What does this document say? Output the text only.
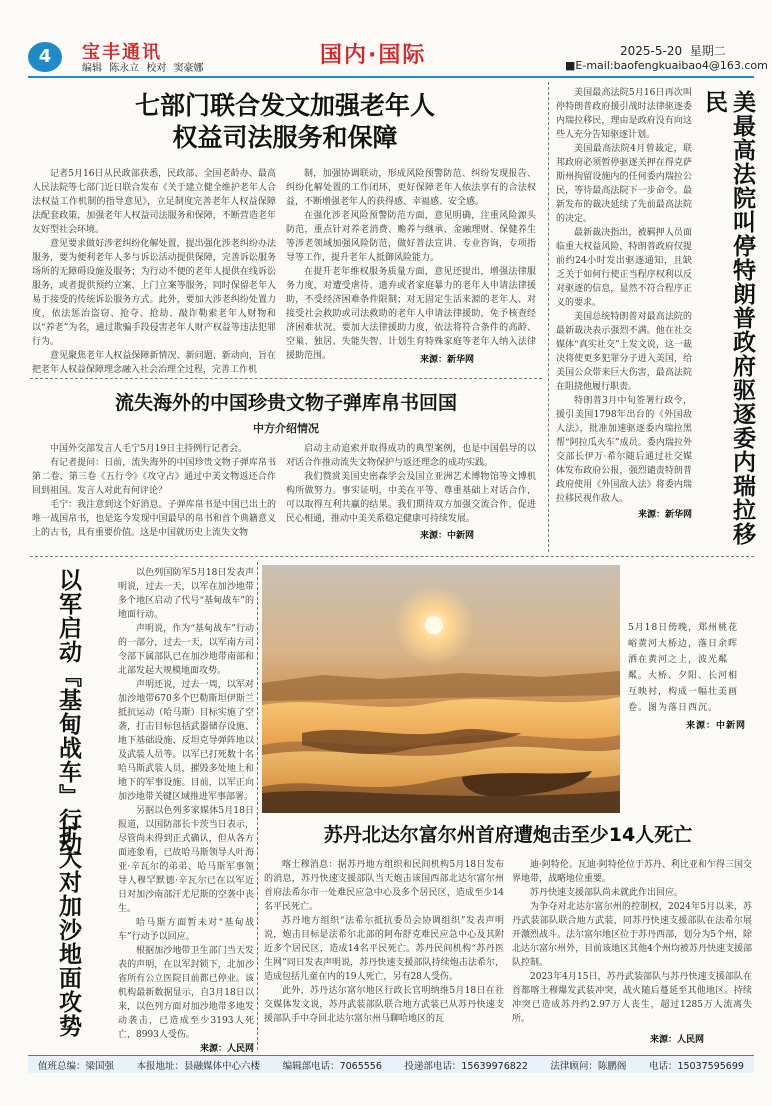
4	宝丰通讯
编辑 陈永立 校对 窦豪娜
国内·国际	2025-5-20 星期二
■E-mail:baofengkuaibao4@163.com
七部门联合发文加强老年人
权益司法服务和保障

记者5月16日从民政部获悉，民政部、全国老龄办、最高人民法院等七部门近日联合发布《关于建立健全维护老年人合法权益工作机制的指导意见》，立足制度完善老年人权益保障法配套政策，加强老年人权益司法服务和保障，不断营造老年友好型社会环境。

意见要求做好涉老纠纷化解处置，提出强化涉老纠纷办法服务，要为便利老年人多与诉讼活动提供保障，完善诉讼服务场所的无障碍设施及服务；为行动不便的老年人提供在线诉讼服务，或者提供预约立案、上门立案等服务，同时保留老年人易于接受的传统诉讼服务方式。此外，要加大涉老纠纷处置力度，依法惩治盗窃、抢夺、抢劫、敲诈勒索老年人财物和以“养老”为名，通过欺骗手段侵害老年人财产权益等违法犯罪行为。

意见聚焦老年人权益保障新情况、新问题、新动向，旨在把老年人权益保障理念融入社会治理全过程，完善工作机

制，加强协调联动，形成风险预警防范、纠纷发现报告、纠纷化解处置的工作闭环，更好保障老年人依法享有的合法权益，不断增强老年人的获得感、幸福感、安全感。

在强化涉老风险预警防范方面，意见明确，注重风险源头防范，重点针对养老消费、赡养与继承、金融理财、保健养生等涉老领域加强风险防范，做好普法宣讲、专业咨询，专项指导等工作，提升老年人抵御风险能力。

在提升老年维权服务质量方面，意见还提出，增强法律服务力度，对遭受虐待、遗弃或者家庭暴力的老年人申请法律援助，不受经济困难条件限制；对无固定生活来源的老年人、对接受社会救助或司法救助的老年人申请法律援助，免予核查经济困难状况。要加大法律援助力度，依法将符合条件的高龄、空巢、独居、失能失智、计划生育特殊家庭等老年人纳入法律援助范围。	来源：新华网

美国最高法院5月16日再次叫停特朗普政府援引战时法律驱逐委内瑞拉移民，理由是政府没有向这些人充分告知驱逐计划。

美国最高法院4月曾裁定，联邦政府必须暂停驱逐关押在得克萨斯州拘留设施内的任何委内瑞拉公民，等待最高法院下一步命令。最新发布的裁决延续了先前最高法院的决定。

最新裁决指出，被羁押人员面临重大权益风险，特朗普政府仅提前约24小时发出驱逐通知，且缺乏关于如何行使正当程序权利以反对驱逐的信息，显然不符合程序正义的要求。

美国总统特朗普对最高法院的最新裁决表示强烈不满。他在社交媒体“真实社交”上发文说，这一裁决将使更多犯罪分子进入美国，给美国公众带来巨大伤害，最高法院在阻挠他履行职责。

特朗普3月中旬签署行政令，援引美国1798年出台的《外国敌人法》，批准加速驱逐委内瑞拉黑帮“阿拉瓜火车”成员。委内瑞拉外交部长伊万·希尔随后通过社交媒体发布政府公报，强烈谴责特朗普政府使用《外国敌人法》将委内瑞拉移民视作敌人。

来源：新华网	美最高法院叫停特朗普政府驱逐委内瑞拉移民
流失海外的中国珍贵文物子弹库帛书回国
中方介绍情况

中国外交部发言人毛宁5月19日主持例行记者会。

有记者提问：日前，流失海外的中国珍贵文物子弹库帛书第二卷、第三卷《五行令》《攻守占》通过中美文物返还合作回到祖国。发言人对此有何评论？

毛宁：我注意到这个好消息。子弹库帛书是中国已出土的唯一战国帛书，也是迄今发现中国最早的帛书和首个典籍意义上的古书，具有重要价值。这是中国就历史上流失文物

启动主动追索并取得成功的典型案例，也是中国倡导的以对话合作推动流失文物保护与返还理念的成功实践。

我们赞赏美国史密森学会及国立亚洲艺术博物馆等文博机构所做努力。事实证明，中美在平等、尊重基础上对话合作，可以取得互利共赢的结果。我们期待双方加强交流合作，促进民心相通，推动中美关系稳定健康可持续发展。

来源：中新网
以军启动『基甸战车』行动
扩大对加沙地面攻势

以色列国防军5月18日发表声明说，过去一天，以军在加沙地带多个地区启动了代号“基甸战车”的地面行动。

声明说，作为“基甸战车”行动的一部分，过去一天，以军南方司令部下属部队已在加沙地带南部和北部发起大规模地面攻势。

声明还说，过去一周，以军对加沙地带670多个巴勒斯坦伊斯兰抵抗运动（哈马斯）目标实施了空袭，打击目标包括武器储存设施、地下基础设施、反坦克导弹阵地以及武装人员等。以军已打死数十名哈马斯武装人员，摧毁多处地上和地下的军事设施。目前，以军正向加沙地带关键区域推进军事部署。

另据以色列多家媒体5月18日报道，以国防部长卡茨当日表示，尽管尚未得到正式确认，但从各方面迹象看，已故哈马斯领导人叶海亚·辛瓦尔的弟弟、哈马斯军事领导人穆罕默德·辛瓦尔已在以军近日对加沙南部汗尤尼斯的空袭中丧生。

哈马斯方面暂未对“基甸战车”行动予以回应。

根据加沙地带卫生部门当天发表的声明，在以军封锁下，北加沙省所有公立医院目前都已停业。该机构最新数据显示，自3月18日以来，以色列方面对加沙地带多地发动袭击，已造成至少3193人死亡，8993人受伤。

来源：人民网

5月18日傍晚，郑州桃花峪黄河大桥边，落日余晖洒在黄河之上，波光粼粼。大桥、夕阳、长河相互映衬，构成一幅壮美画卷。图为落日西沉。
来源：中新网
苏丹北达尔富尔州首府遭炮击至少14人死亡

喀土穆消息：据苏丹地方组织和民间机构5月18日发布的消息，苏丹快速支援部队当天炮击该国西部北达尔富尔州首府法希尔市一处难民应急中心及多个居民区，造成至少14名平民死亡。

苏丹地方组织“法希尔抵抗委员会协调组织”发表声明说，炮击目标是法希尔北部的阿布舒克难民应急中心及其附近多个居民区，造成14名平民死亡。苏丹民间机构“苏丹医生网”同日发表声明说，苏丹快速支援部队持续炮击法希尔，造成包括儿童在内的19人死亡，另有28人受伤。

此外，苏丹达尔富尔地区行政长官明纳维5月18日在社交媒体发文说，苏丹武装部队联合地方武装已从苏丹快速支援部队手中夺回北达尔富尔州马聊哈地区的瓦

迪·阿特伦。瓦迪·阿特伦位于苏丹、利比亚和乍得三国交界地带，战略地位重要。

苏丹快速支援部队尚未就此作出回应。

为争夺对北达尔富尔州的控制权，2024年5月以来，苏丹武装部队联合地方武装，同苏丹快速支援部队在法希尔展开激烈战斗。法尔富尔地区位于苏丹西部，划分为5个州，除北达尔富尔州外，目前该地区其他4个州均被苏丹快速支援部队控制。

2023年4月15日，苏丹武装部队与苏丹快速支援部队在首都喀土穆爆发武装冲突，战火随后蔓延至其他地区。持续冲突已造成苏丹约2.97万人丧生，超过1285万人流离失所。

来源：人民网
值班总编：梁国强 本报地址：县融媒体中心六楼 编辑部电话：7065556 投递部电话：15639976822 法律顾问：陈鹏阁 电话：15037595699
